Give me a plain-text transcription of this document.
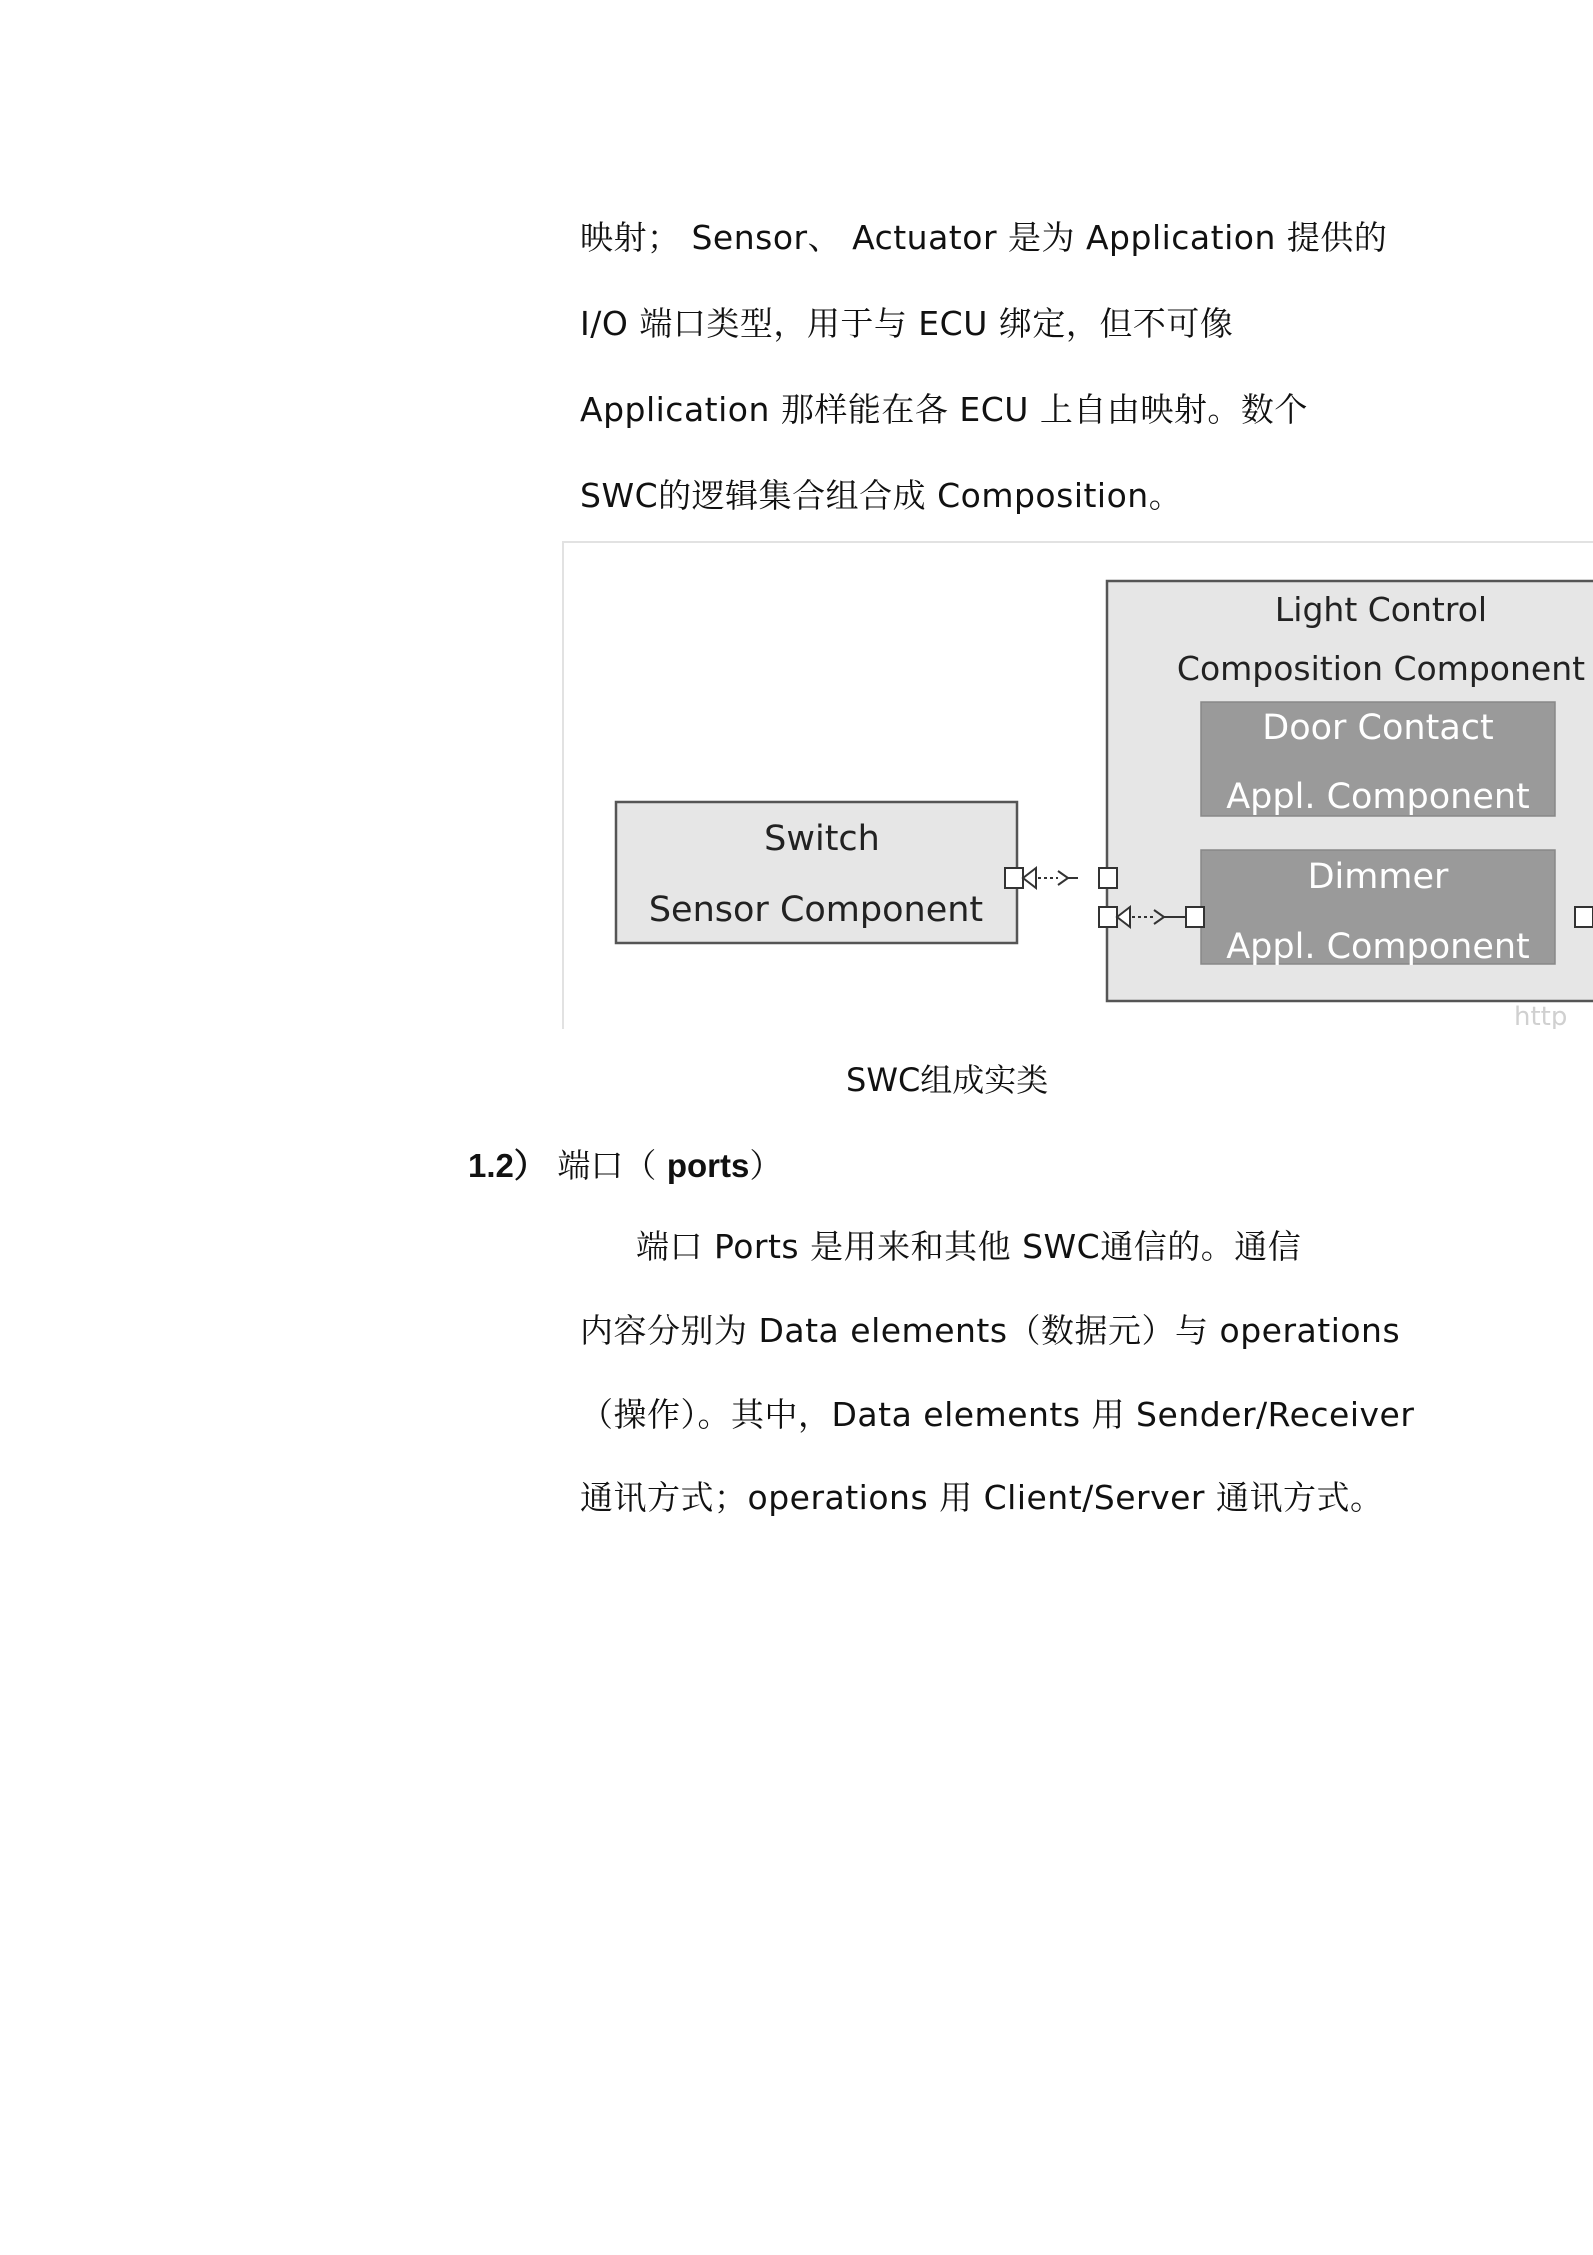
映射； Sensor、 Actuator 是为 Application 提供的
I/O 端口类型，用于与 ECU 绑定，但不可像
Application 那样能在各 ECU 上自由映射。数个
SWC的逻辑集合组合成 Composition。
Light Control
Composition Component
Door Contact
Appl. Component
Dimmer
Appl. Component
Switch
Sensor Component
http
SWC组成实类
1.2） 端口（ ports）
端口 Ports 是用来和其他 SWC通信的。通信
内容分别为 Data elements（数据元）与 operations
（操作）。其中，Data elements 用 Sender/Receiver
通讯方式；operations 用 Client/Server 通讯方式。
